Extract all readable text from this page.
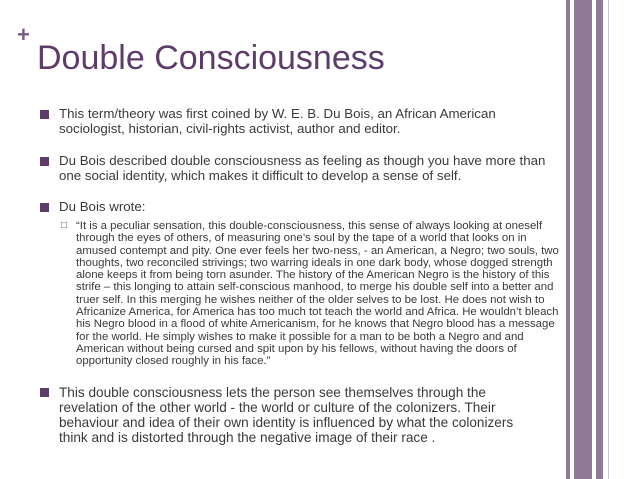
+
Double Consciousness
This term/theory was first coined by W. E. B. Du Bois, an African American sociologist, historian, civil-rights activist, author and editor.
Du Bois described double consciousness as feeling as though you have more than one social identity, which makes it difficult to develop a sense of self.
Du Bois wrote:
□ “It is a peculiar sensation, this double-consciousness, this sense of always looking at oneself through the eyes of others, of measuring one’s soul by the tape of a world that looks on in amused contempt and pity. One ever feels her two-ness, - an American, a Negro; two souls, two thoughts, two reconciled strivings; two warring ideals in one dark body, whose dogged strength alone keeps it from being torn asunder. The history of the American Negro is the history of this strife – this longing to attain self-conscious manhood, to merge his double self into a better and truer self. In this merging he wishes neither of the older selves to be lost. He does not wish to Africanize America, for America has too much tot teach the world and Africa. He wouldn’t bleach his Negro blood in a flood of white Americanism, for he knows that Negro blood has a message for the world. He simply wishes to make it possible for a man to be both a Negro and and American without being cursed and spit upon by his fellows, without having the doors of opportunity closed roughly in his face.”
This double consciousness lets the person see themselves through the revelation of the other world - the world or culture of the colonizers. Their behaviour and idea of their own identity is influenced by what the colonizers think and is distorted through the negative image of their race .
